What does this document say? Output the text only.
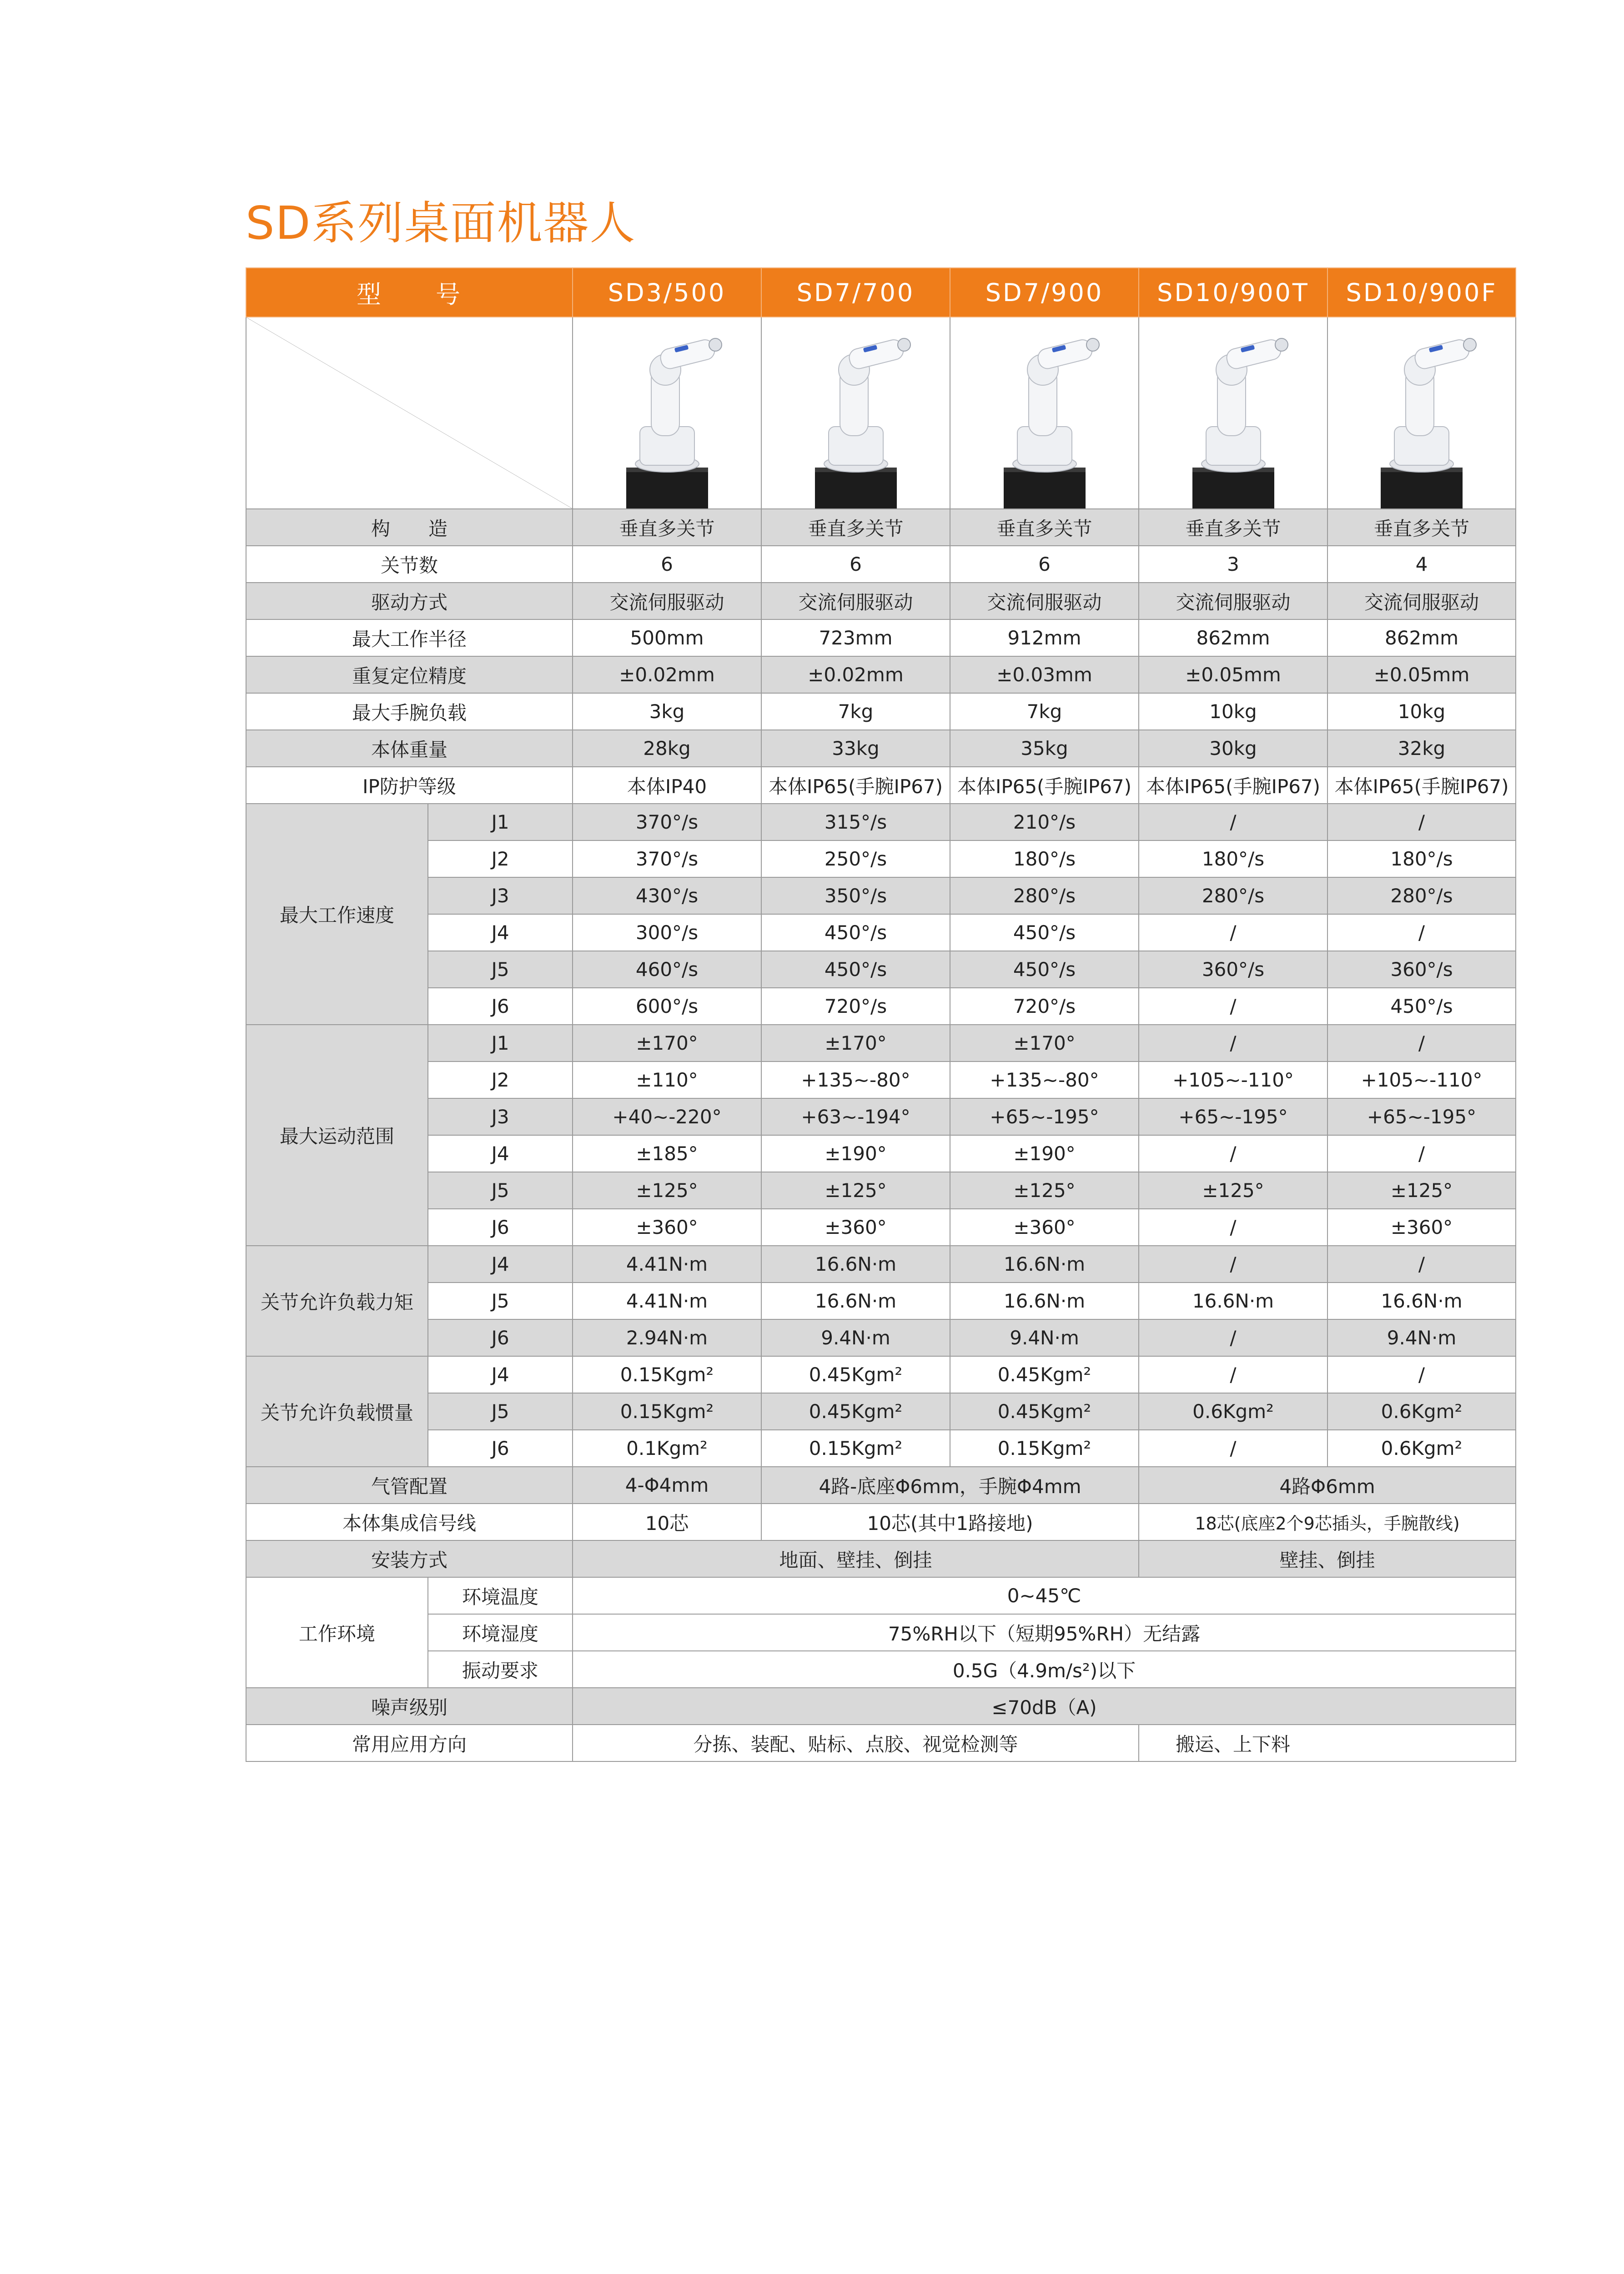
SD系列桌面机器人
型　　号		SD3/500	SD7/700	SD7/900	SD10/900T	SD10/900F

构　　造		垂直多关节	垂直多关节	垂直多关节	垂直多关节	垂直多关节
关节数		6	6	6	3	4
驱动方式		交流伺服驱动	交流伺服驱动	交流伺服驱动	交流伺服驱动	交流伺服驱动
最大工作半径		500mm	723mm	912mm	862mm	862mm
重复定位精度		±0.02mm	±0.02mm	±0.03mm	±0.05mm	±0.05mm
最大手腕负载		3kg	7kg	7kg	10kg	10kg
本体重量		28kg	33kg	35kg	30kg	32kg
IP防护等级		本体IP40	本体IP65(手腕IP67)	本体IP65(手腕IP67)	本体IP65(手腕IP67)	本体IP65(手腕IP67)
最大工作速度	J1	370°/s	315°/s	210°/s	/	/
	J2	370°/s	250°/s	180°/s	180°/s	180°/s
	J3	430°/s	350°/s	280°/s	280°/s	280°/s
	J4	300°/s	450°/s	450°/s	/	/
	J5	460°/s	450°/s	450°/s	360°/s	360°/s
	J6	600°/s	720°/s	720°/s	/	450°/s
最大运动范围	J1	±170°	±170°	±170°	/	/
	J2	±110°	+135~-80°	+135~-80°	+105~-110°	+105~-110°
	J3	+40~-220°	+63~-194°	+65~-195°	+65~-195°	+65~-195°
	J4	±185°	±190°	±190°	/	/
	J5	±125°	±125°	±125°	±125°	±125°
	J6	±360°	±360°	±360°	/	±360°
关节允许负载力矩	J4	4.41N·m	16.6N·m	16.6N·m	/	/
	J5	4.41N·m	16.6N·m	16.6N·m	16.6N·m	16.6N·m
	J6	2.94N·m	9.4N·m	9.4N·m	/	9.4N·m
关节允许负载惯量	J4	0.15Kgm²	0.45Kgm²	0.45Kgm²	/	/
	J5	0.15Kgm²	0.45Kgm²	0.45Kgm²	0.6Kgm²	0.6Kgm²
	J6	0.1Kgm²	0.15Kgm²	0.15Kgm²	/	0.6Kgm²
气管配置		4-Φ4mm	4路-底座Φ6mm，手腕Φ4mm		4路Φ6mm	
本体集成信号线		10芯	10芯(其中1路接地)		18芯(底座2个9芯插头，手腕散线)	
安装方式		地面、壁挂、倒挂			壁挂、倒挂	
工作环境	环境温度	0~45℃				
	环境湿度	75%RH以下（短期95%RH）无结露				
	振动要求	0.5G（4.9m/s²)以下				
噪声级别		≤70dB（A)				
常用应用方向		分拣、装配、贴标、点胶、视觉检测等			搬运、上下料	
